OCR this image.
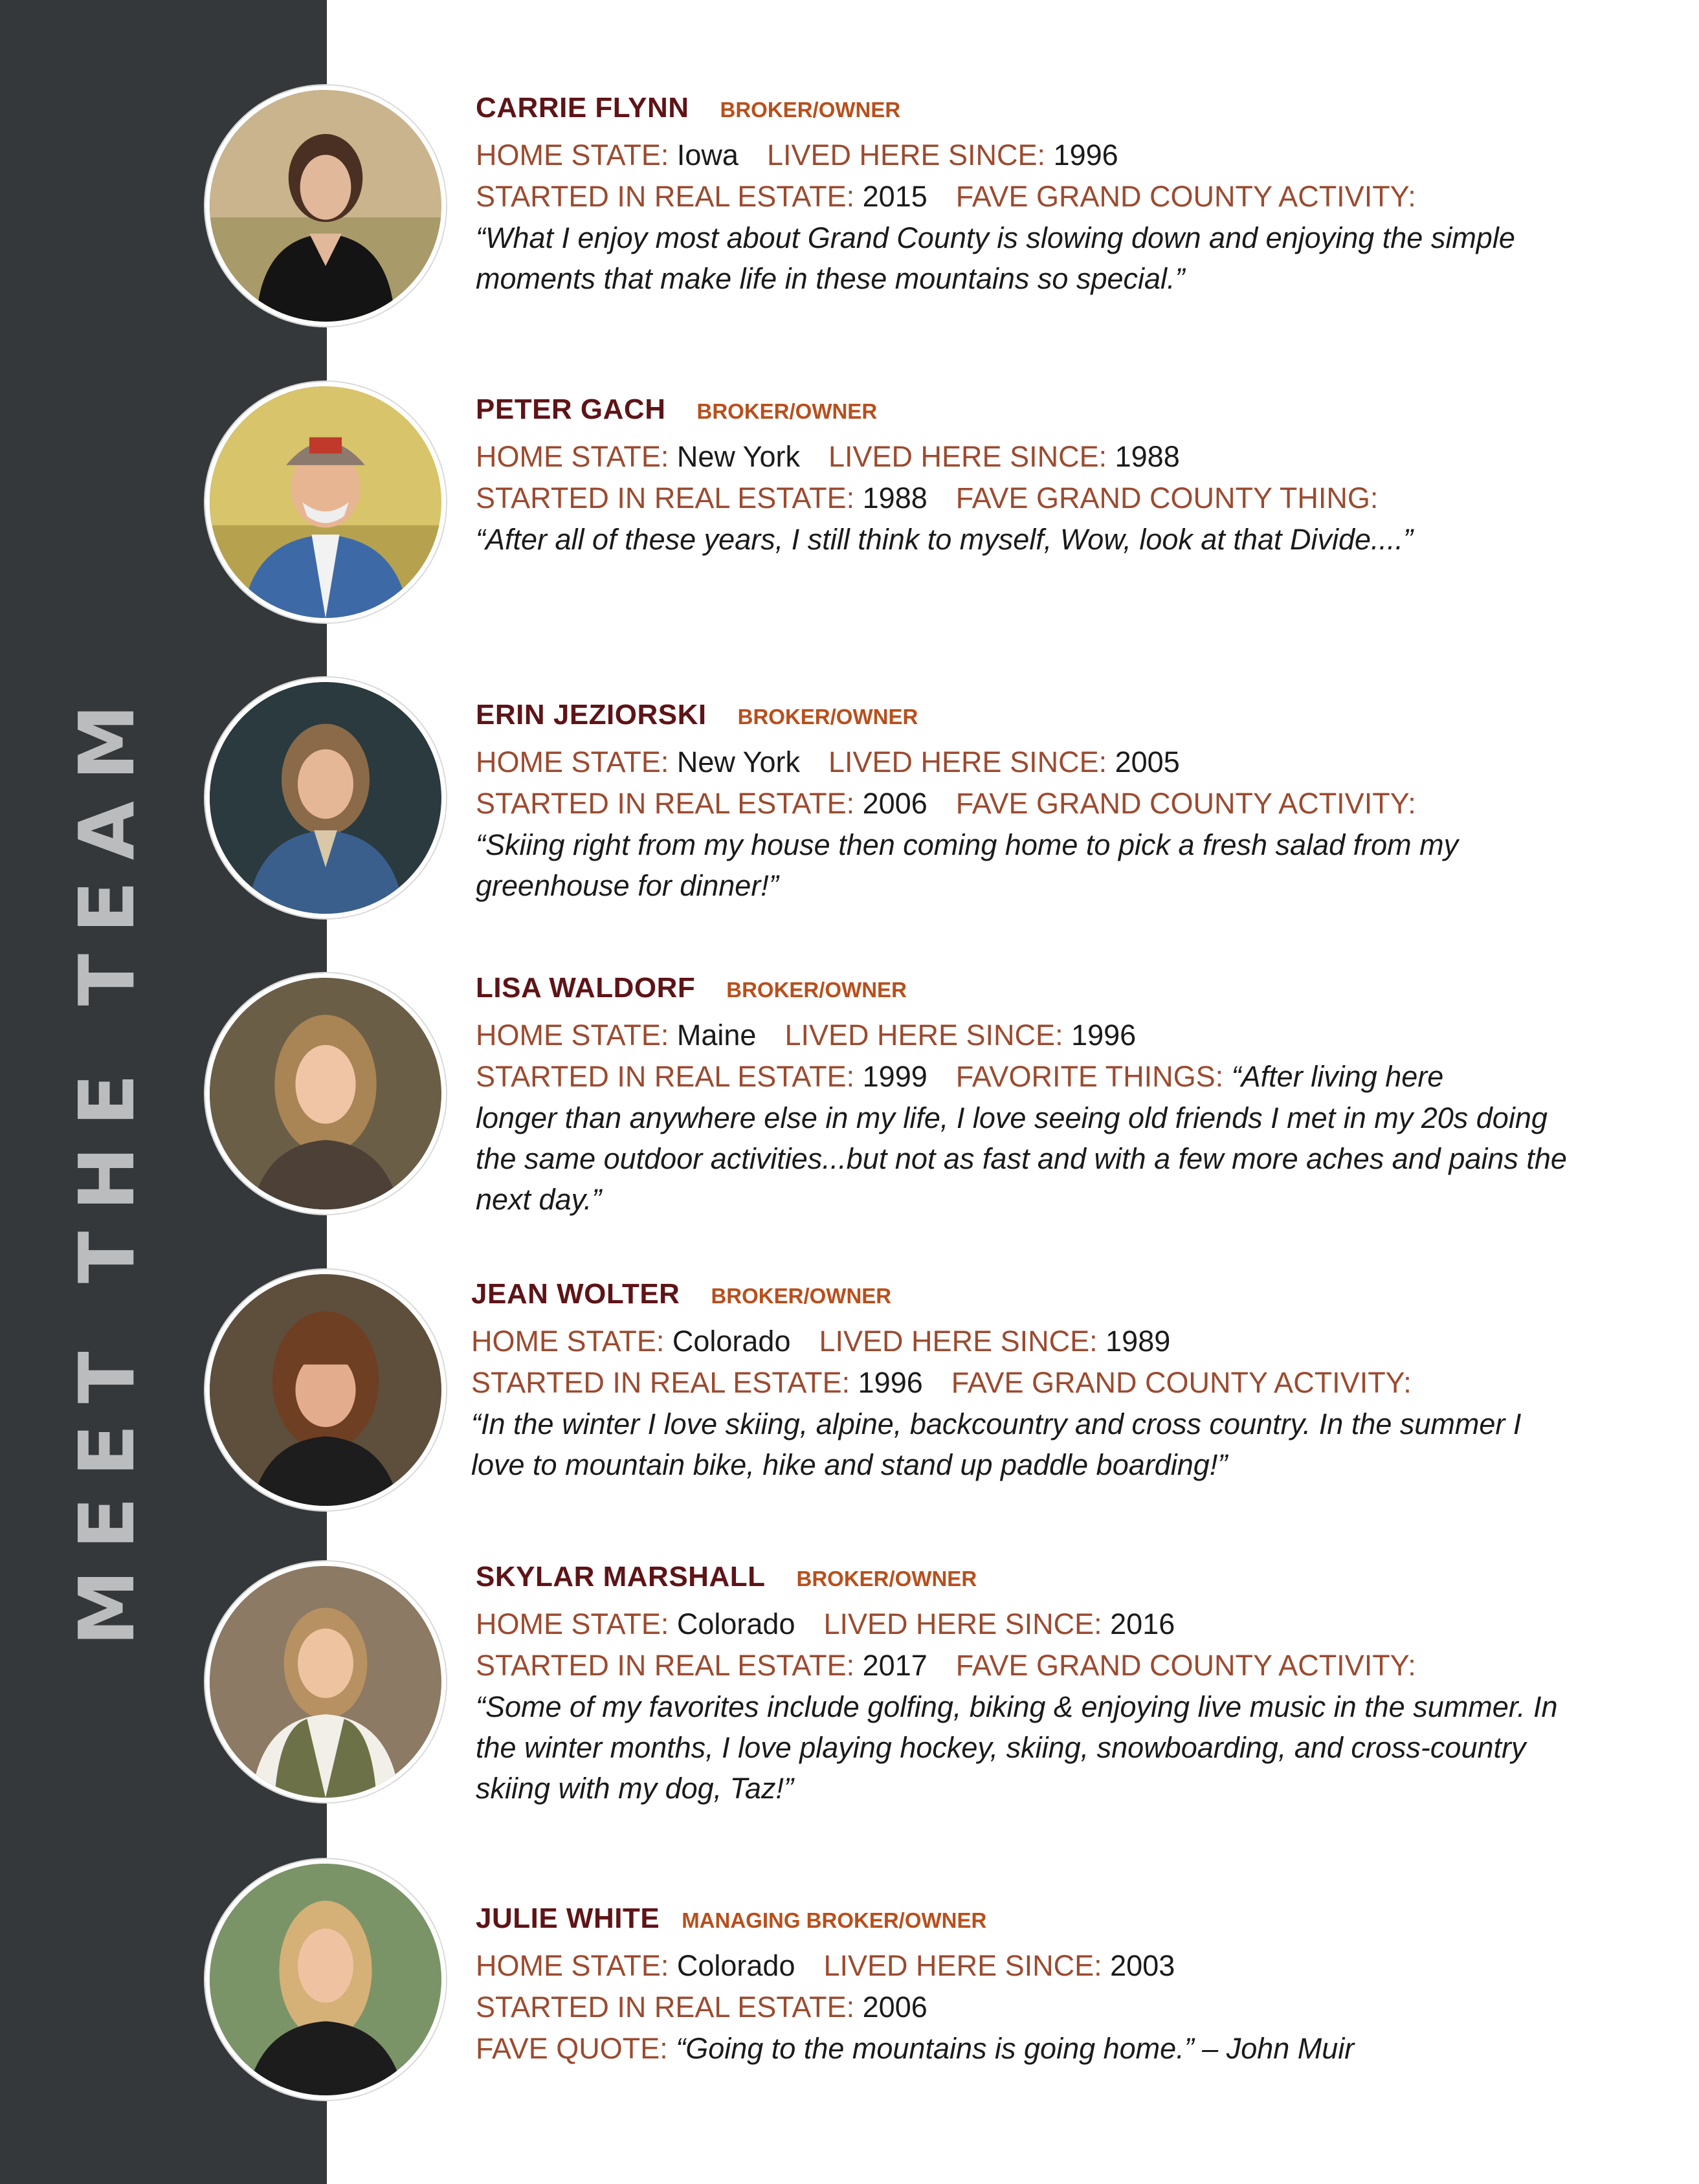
MEET THE TEAM
CARRIE FLYNN BROKER/OWNER
HOME STATE: Iowa LIVED HERE SINCE: 1996
STARTED IN REAL ESTATE: 2015 FAVE GRAND COUNTY ACTIVITY:
“What I enjoy most about Grand County is slowing down and enjoying the simple moments that make life in these mountains so special.”
PETER GACH BROKER/OWNER
HOME STATE: New York LIVED HERE SINCE: 1988
STARTED IN REAL ESTATE: 1988 FAVE GRAND COUNTY THING:
“After all of these years, I still think to myself, Wow, look at that Divide....”
ERIN JEZIORSKI BROKER/OWNER
HOME STATE: New York LIVED HERE SINCE: 2005
STARTED IN REAL ESTATE: 2006 FAVE GRAND COUNTY ACTIVITY:
“Skiing right from my house then coming home to pick a fresh salad from my greenhouse for dinner!”
LISA WALDORF BROKER/OWNER
HOME STATE: Maine LIVED HERE SINCE: 1996
STARTED IN REAL ESTATE: 1999 FAVORITE THINGS: “After living here
longer than anywhere else in my life, I love seeing old friends I met in my 20s doing the same outdoor activities...but not as fast and with a few more aches and pains the next day.”
JEAN WOLTER BROKER/OWNER
HOME STATE: Colorado LIVED HERE SINCE: 1989
STARTED IN REAL ESTATE: 1996 FAVE GRAND COUNTY ACTIVITY:
“In the winter I love skiing, alpine, backcountry and cross country. In the summer I love to mountain bike, hike and stand up paddle boarding!”
SKYLAR MARSHALL BROKER/OWNER
HOME STATE: Colorado LIVED HERE SINCE: 2016
STARTED IN REAL ESTATE: 2017 FAVE GRAND COUNTY ACTIVITY:
“Some of my favorites include golfing, biking & enjoying live music in the summer. In the winter months, I love playing hockey, skiing, snowboarding, and cross-country skiing with my dog, Taz!”
JULIE WHITE MANAGING BROKER/OWNER
HOME STATE: Colorado LIVED HERE SINCE: 2003
STARTED IN REAL ESTATE: 2006
FAVE QUOTE: “Going to the mountains is going home.” – John Muir
